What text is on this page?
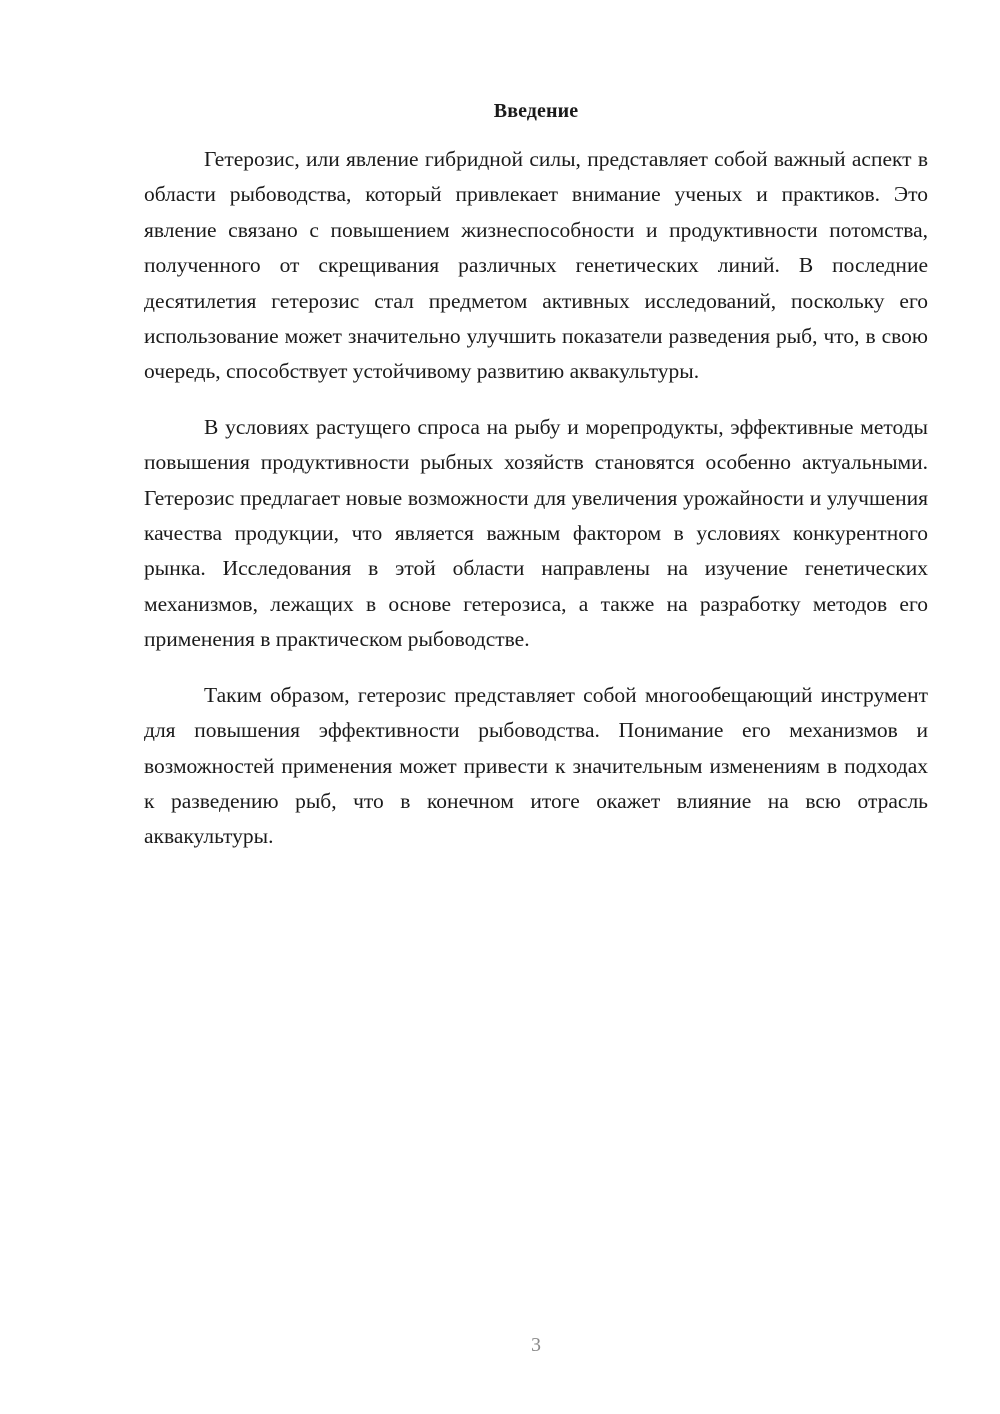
Введение

Гетерозис, или явление гибридной силы, представляет собой важный аспект в области рыбоводства, который привлекает внимание ученых и практиков. Это явление связано с повышением жизнеспособности и продуктивности потомства, полученного от скрещивания различных генетических линий. В последние десятилетия гетерозис стал предметом активных исследований, поскольку его использование может значительно улучшить показатели разведения рыб, что, в свою очередь, способствует устойчивому развитию аквакультуры.

В условиях растущего спроса на рыбу и морепродукты, эффективные методы повышения продуктивности рыбных хозяйств становятся особенно актуальными. Гетерозис предлагает новые возможности для увеличения урожайности и улучшения качества продукции, что является важным фактором в условиях конкурентного рынка. Исследования в этой области направлены на изучение генетических механизмов, лежащих в основе гетерозиса, а также на разработку методов его применения в практическом рыбоводстве.

Таким образом, гетерозис представляет собой многообещающий инструмент для повышения эффективности рыбоводства. Понимание его механизмов и возможностей применения может привести к значительным изменениям в подходах к разведению рыб, что в конечном итоге окажет влияние на всю отрасль аквакультуры.

3
